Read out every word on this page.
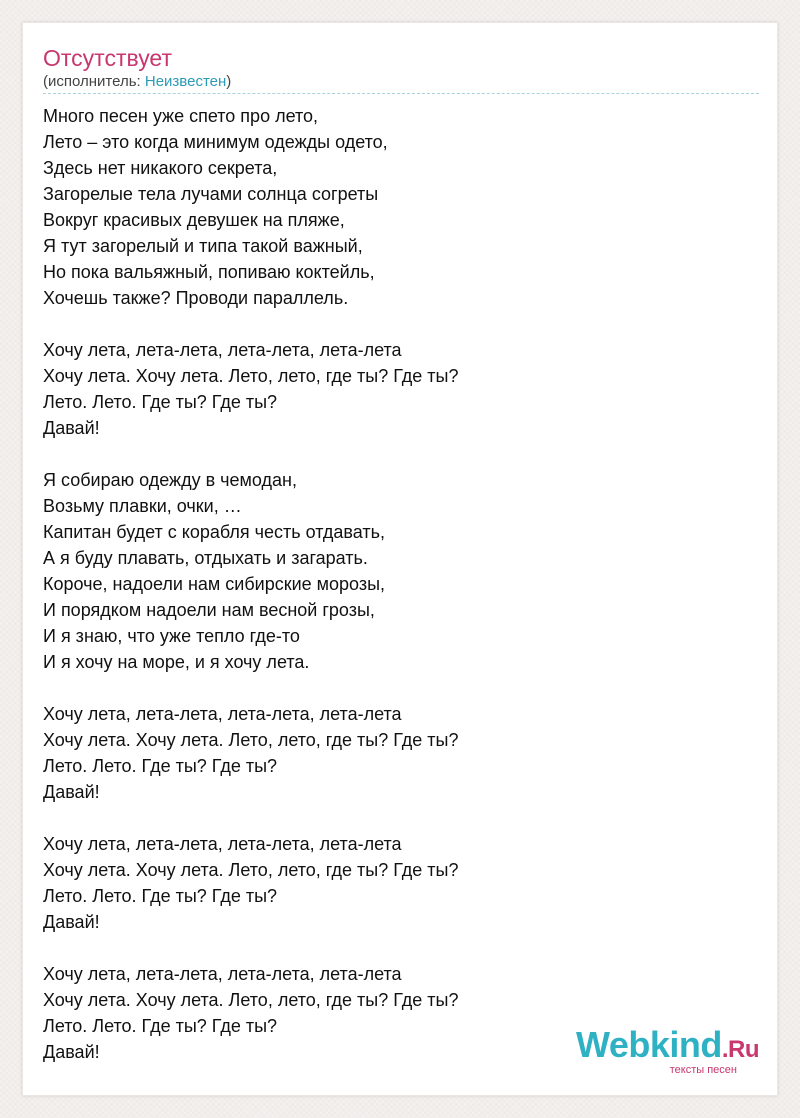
Отсутствует
(исполнитель: Неизвестен)
Много песен уже спето про лето,
Лето – это когда минимум одежды одето,
Здесь нет никакого секрета,
Загорелые тела лучами солнца согреты
Вокруг красивых девушек на пляже,
Я тут загорелый и типа такой важный,
Но пока вальяжный, попиваю коктейль,
Хочешь также? Проводи параллель.
Хочу лета, лета-лета, лета-лета, лета-лета
Хочу лета. Хочу лета. Лето, лето, где ты? Где ты?
Лето. Лето. Где ты? Где ты?
Давай!
Я собираю одежду в чемодан,
Возьму плавки, очки, …
Капитан будет с корабля честь отдавать,
А я буду плавать, отдыхать и загарать.
Короче, надоели нам сибирские морозы,
И порядком надоели нам весной грозы,
И я знаю, что уже тепло где-то
И я хочу на море, и я хочу лета.
Хочу лета, лета-лета, лета-лета, лета-лета
Хочу лета. Хочу лета. Лето, лето, где ты? Где ты?
Лето. Лето. Где ты? Где ты?
Давай!
Хочу лета, лета-лета, лета-лета, лета-лета
Хочу лета. Хочу лета. Лето, лето, где ты? Где ты?
Лето. Лето. Где ты? Где ты?
Давай!
Хочу лета, лета-лета, лета-лета, лета-лета
Хочу лета. Хочу лета. Лето, лето, где ты? Где ты?
Лето. Лето. Где ты? Где ты?
Давай!	Webkind.Ru
тексты песен
